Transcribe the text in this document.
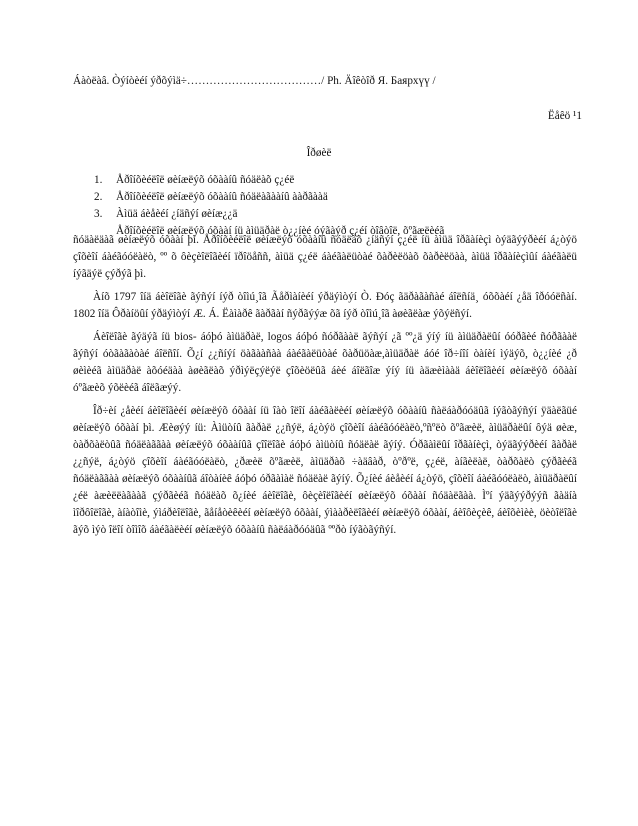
Áàòëàâ. Òýíòèéí ýðõýìä÷………………………………/ Ph. Äîêòîð Я. Баярхүү /
Ëåêö ¹1
Îðøèë
1.	Åðîíõèéëîë øèíæëýõ óõààíû ñóäëàõ ç¿éë
2.	Åðîíõèéëîë øèíæëýõ óõààíû ñóäëàãààíû ààðãààä
3.	Àìüä áèåèéí ¿íäñýí øèíæ¿¿ä
Åðîíõèéëîë øèíæëýõ óõààí íü àìüäðàë ò¿¿íèé óýãàýð ç¿éí òîâòîë, õºãæëèéã

ñóäàëäàã øèíæëýõ óõààí þì. Åðîíõèéëîë øèíæëýõ óõààíû ñóäëàõ ¿íäñýí ç¿éë íü àìüä îðãàíèçì òýäãýýðèéí á¿òýö çîõèîí áàéãóóëàëò, ºº õ ôèçèîëîãèéí ïðîöåññ, àìüä ç¿éë áàéãàëüòàé õàðèëöàõ õàðèëöàà, àìüä îðãàíèçìûí áàéãàëü íýãäýë çýðýã þì.

Àíõ 1797 îíä áèîëîãè ãýñýí íýð òîìú¸îã Ãåðìàíèéí ýðäýìòýí Ò. Ðóç ãäðàãàñàé áîëñíä¸ óõõàéí ¿åä îðóóëñàí. 1802 îíä Ôðàíöûí ýðäýìòýí Æ. Á. Ëàìàðê ãàðãàí ñýðãýýæ õã íýð òîìú¸îã àøèãëàæ ýõýëñýí.

Áèîëîãè ãýäýã íü bios- áóþó àìüäðàë, logos áóþó ñóðãààë ãýñýí ¿ã ºº¿ä ýíý íü àìüäðàëûí óóðãèé ñóðãààë ãýñýí óòãàãàòàé áîëñîí. Õ¿í ¿¿ñíýí öàãààñàà áàéãàëüòàé õàðüöàæ,àìüäðàë áóé îð÷íîí òàíèí ìýäýõ, ò¿¿íèé ¿ð øèìèéã àìüäðàë àõóéäàà àøèãëàõ ýðìýëçýëýë çîõèöëûã áèé áîëãîæ ýíý íü àäæèìààä áèîëîãèéí øèíæëýõ óõààí óºãæèõ ýõëèéã áîëãæýý.

Îð÷èí ¿åèéí áèîëîãèéí øèíæëýõ óõààí íü îàò îëîí áàéãàëèéí øèíæëýõ óõààíû ñàëáàðóóäûã íýãòãýñýí ÿäàëãüé øèíæëýõ óõààí þì. Æèøýý íü: Àìüòíû ãàðàë ¿¿ñýë, á¿òýö çîõèîí áàéãóóëàëò,ºñºëò õºãæèë, àìüäðàëûí ôýä øèæ, òàðõàëòûã ñóäëàããàà øèíæëýõ óõààíûã çîîëîãè áóþó àìüòíû ñóäëàë ãýíý. Óðãàìëûí îðãàíèçì, òýäãýýðèéí ãàðàë ¿¿ñýë, á¿òýö çîõèîí áàéãóóëàëò, ¿ðæèë õºãæèë, àìüäðàõ ÷àäâàð, òºðºë, ç¿éë, àíãèëàë, òàðõàëò çýðãèéã ñóäëàããàà øèíæëýõ óõààíûã áîòàíèê áóþó óðãàìàë ñóäëàë ãýíý. Õ¿íèé áèåèéí á¿òýö, çîõèîí áàéãóóëàëò, àìüäðàëûí ¿éë àæèëëàãààã çýðãèéã ñóäëàõ õ¿íèé áèîëîãè, ôèçèîëîãèéí øèíæëýõ óõààí ñóäàëãàà. Ìºí ýäãýýðýýñ ãàäíà ìîðôîëîãè, àíàòîìè, ýìáðèîëîãè, ãåíåòèêèéí øèíæëýõ óõààí, ýìààðèëîãèéí øèíæëýõ óõààí, áèîôèçèê, áèîõèìèè, öèòîëîãè ãýõ ìýò îëîí òîìîõ áàéãàëèéí øèíæëýõ óõààíû ñàëáàðóóäûã ººðò íýãòãýñýí.
